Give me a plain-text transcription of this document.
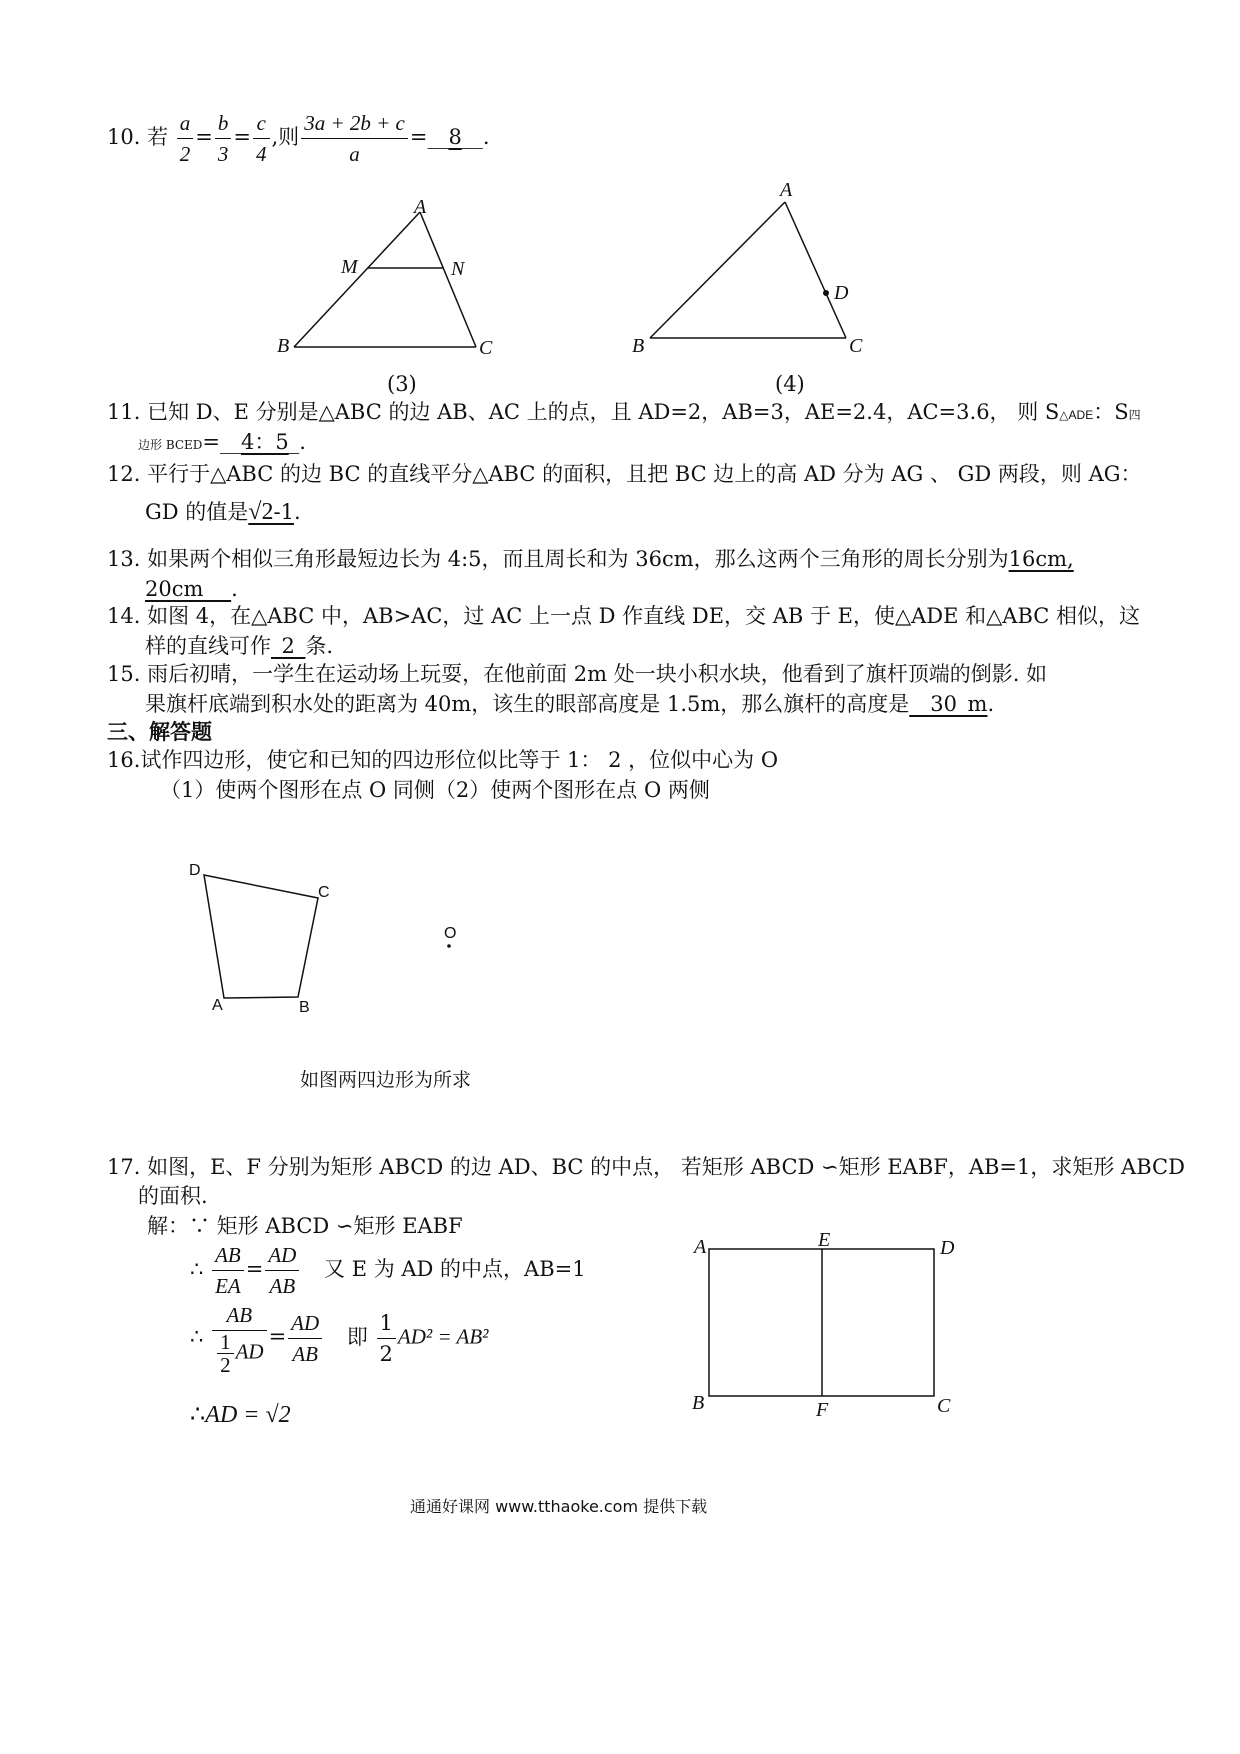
10. 若 $\frac{a}{2} = \frac{b}{3} = \frac{c}{4}$ ,则 $\frac{3a + 2b + c}{a}$ =__8__.
A
M	N
B	C
(3)
A
D
B	C
(4)
11. 已知 D、E 分别是△ABC 的边 AB、AC 上的点，且 AD=2，AB=3，AE=2.4，AC=3.6， 则 S△ADE：S四
边形 BCED=__4：5_.
12. 平行于△ABC 的边 BC 的直线平分△ABC 的面积，且把 BC 边上的高 AD 分为 AG 、 GD 两段，则 AG：
GD 的值是√2-1.
13. 如果两个相似三角形最短边长为 4:5，而且周长和为 36cm，那么这两个三角形的周长分别为16cm,
20cm __.
14. 如图 4，在△ABC 中，AB>AC，过 AC 上一点 D 作直线 DE，交 AB 于 E，使△ADE 和△ABC 相似，这
样的直线可作_2_条.
15. 雨后初晴，一学生在运动场上玩耍，在他前面 2m 处一块小积水块，他看到了旗杆顶端的倒影. 如
果旗杆底端到积水处的距离为 40m，该生的眼部高度是 1.5m，那么旗杆的高度是__30_m.
三、解答题
16.试作四边形，使它和已知的四边形位似比等于 1： 2 ，位似中心为 O
（1）使两个图形在点 O 同侧（2）使两个图形在点 O 两侧
D
C
A	B
O
如图两四边形为所求
17. 如图，E、F 分别为矩形 ABCD 的边 AD、BC 的中点， 若矩形 ABCD ∽矩形 EABF，AB=1，求矩形 ABCD
的面积.
解：∵ 矩形 ABCD ∽矩形 EABF
∴ $\frac{AB}{EA} = \frac{AD}{AB}$ 又 E 为 AD 的中点，AB=1
∴ $\frac{AB}{\frac{1}{2} AD} = \frac{AD}{AB}$ 即 $\frac{1}{2} AD^2 = AB^2$
∴AD = √2
A	E	D
B	F	C
通通好课网 www.tthaoke.com 提供下载
